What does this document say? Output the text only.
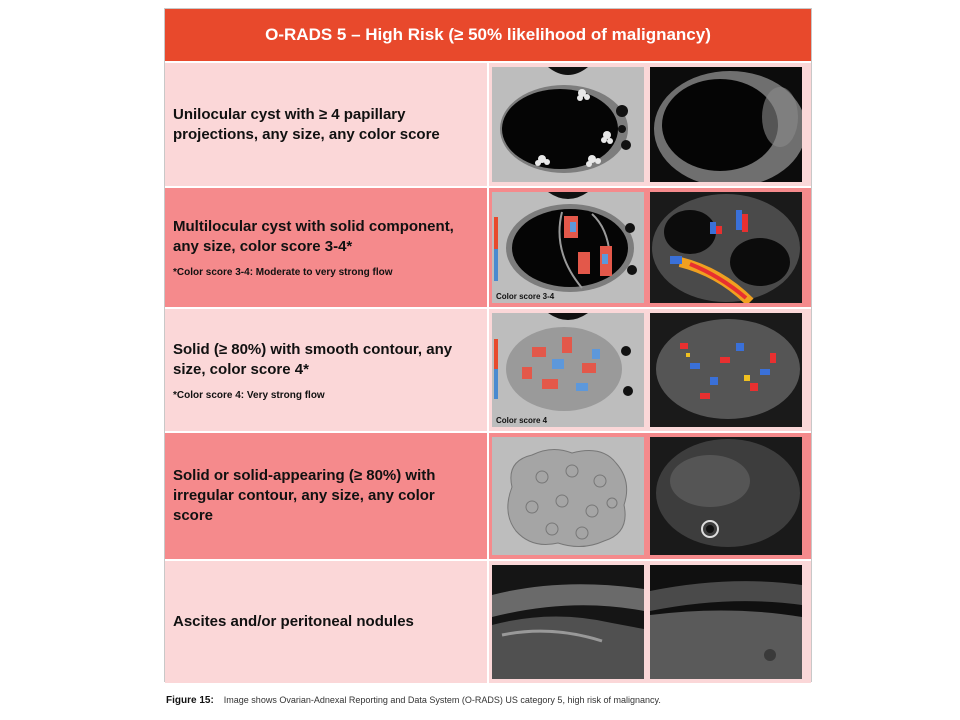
O-RADS 5 – High Risk (≥ 50% likelihood of malignancy)
Unilocular cyst with ≥ 4 papillary projections, any size, any color score
Multilocular cyst with solid component, any size, color score 3-4*
*Color score 3-4: Moderate to very strong flow
Color score 3-4
Solid (≥ 80%) with smooth contour, any size, color score 4*
*Color score 4: Very strong flow
Color score 4
Solid or solid-appearing (≥ 80%) with irregular contour, any size, any color score
Ascites and/or peritoneal nodules
Figure 15: Image shows Ovarian-Adnexal Reporting and Data System (O-RADS) US category 5, high risk of malignancy.
